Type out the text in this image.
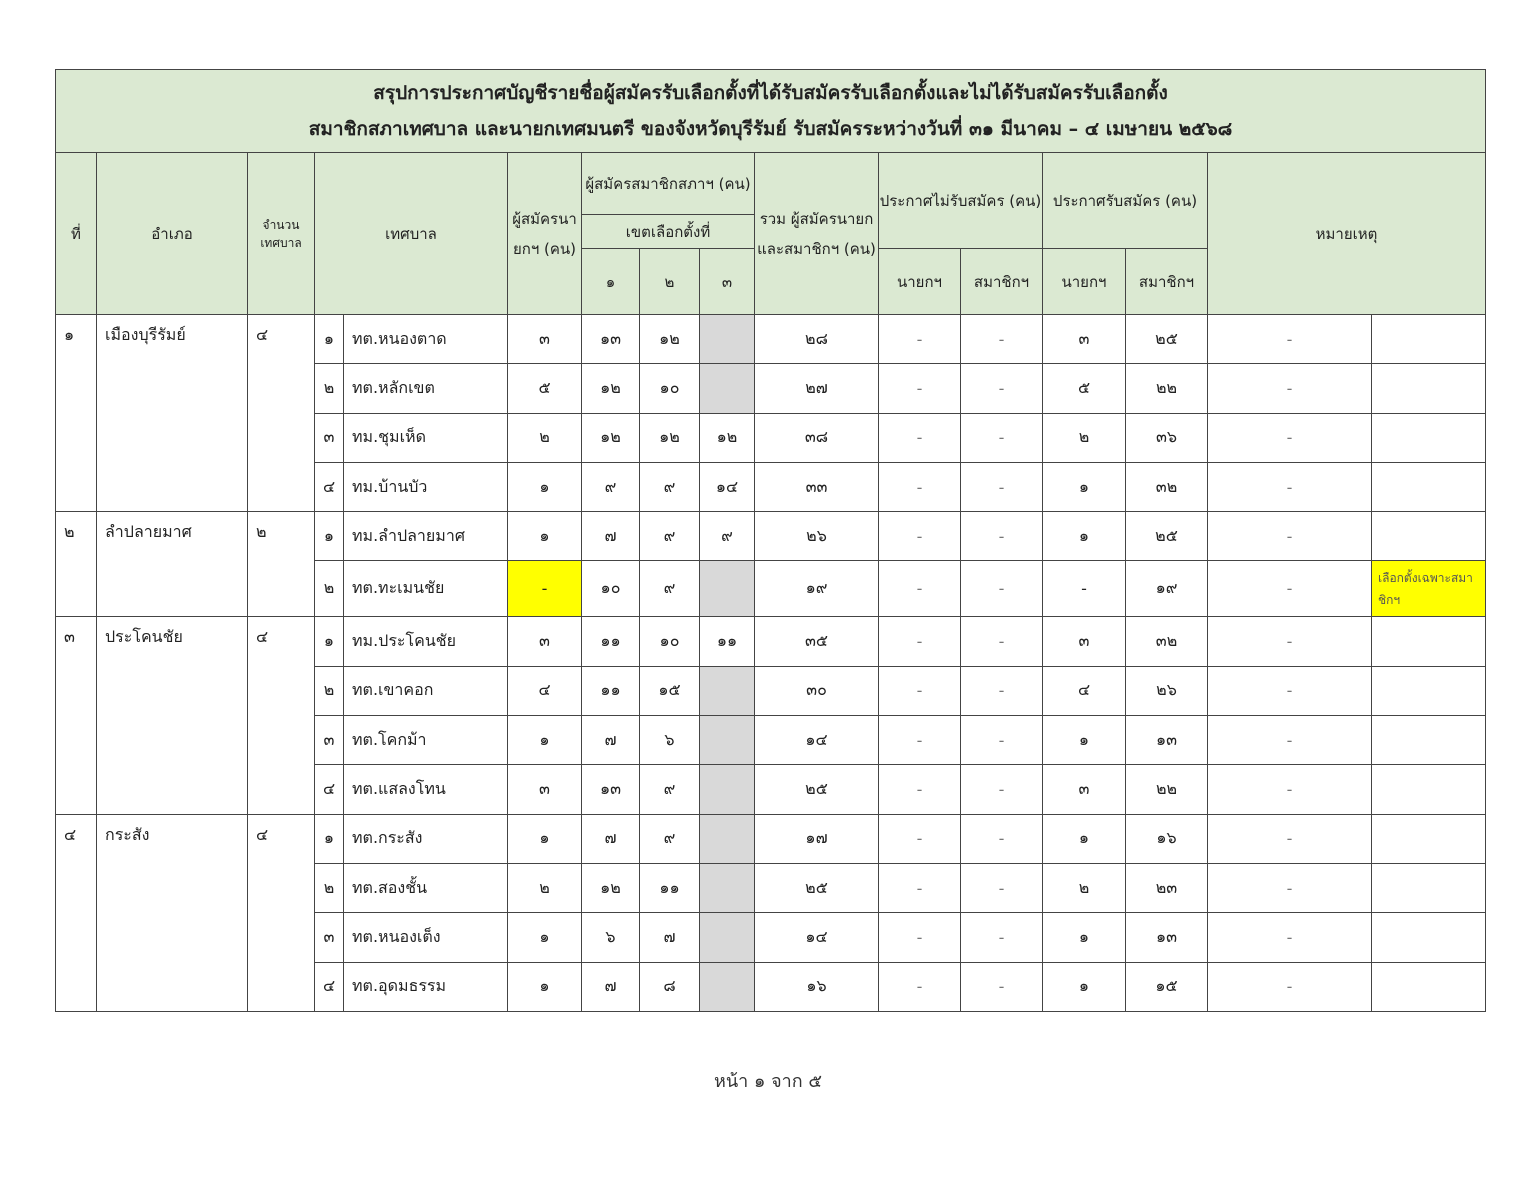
สรุปการประกาศบัญชีรายชื่อผู้สมัครรับเลือกตั้งที่ได้รับสมัครรับเลือกตั้งและไม่ได้รับสมัครรับเลือกตั้ง
สมาชิกสภาเทศบาล และนายกเทศมนตรี ของจังหวัดบุรีรัมย์ รับสมัครระหว่างวันที่ ๓๑ มีนาคม – ๔ เมษายน ๒๕๖๘															

ที่	อำเภอ	จำนวนเทศบาล	เทศบาล		ผู้สมัครนายกฯ (คน)	ผู้สมัครสมาชิกสภาฯ (คน)			รวม ผู้สมัครนายก และสมาชิกฯ (คน)	ประกาศไม่รับสมัคร (คน)		ประกาศรับสมัคร (คน)		หมายเหตุ	
						เขตเลือกตั้งที่									
						๑	๒	๓		นายกฯ	สมาชิกฯ	นายกฯ	สมาชิกฯ		
๑	เมืองบุรีรัมย์	๔	๑	ทต.หนองตาด	๓	๑๓	๑๒		๒๘	-	-	๓	๒๕	-	
			๒	ทต.หลักเขต	๕	๑๒	๑๐		๒๗	-	-	๕	๒๒	-	
			๓	ทม.ชุมเห็ด	๒	๑๒	๑๒	๑๒	๓๘	-	-	๒	๓๖	-	
			๔	ทม.บ้านบัว	๑	๙	๙	๑๔	๓๓	-	-	๑	๓๒	-	
๒	ลำปลายมาศ	๒	๑	ทม.ลำปลายมาศ	๑	๗	๙	๙	๒๖	-	-	๑	๒๕	-	
			๒	ทต.ทะเมนชัย	-	๑๐	๙		๑๙	-	-	-	๑๙	-	เลือกตั้งเฉพาะสมาชิกฯ

๓	ประโคนชัย	๔	๑	ทม.ประโคนชัย	๓	๑๑	๑๐	๑๑	๓๕	-	-	๓	๓๒	-	
			๒	ทต.เขาคอก	๔	๑๑	๑๕		๓๐	-	-	๔	๒๖	-	
			๓	ทต.โคกม้า	๑	๗	๖		๑๔	-	-	๑	๑๓	-	
			๔	ทต.แสลงโทน	๓	๑๓	๙		๒๕	-	-	๓	๒๒	-	
๔	กระสัง	๔	๑	ทต.กระสัง	๑	๗	๙		๑๗	-	-	๑	๑๖	-	
			๒	ทต.สองชั้น	๒	๑๒	๑๑		๒๕	-	-	๒	๒๓	-	
			๓	ทต.หนองเต็ง	๑	๖	๗		๑๔	-	-	๑	๑๓	-	
			๔	ทต.อุดมธรรม	๑	๗	๘		๑๖	-	-	๑	๑๕	-	
หน้า ๑ จาก ๕
